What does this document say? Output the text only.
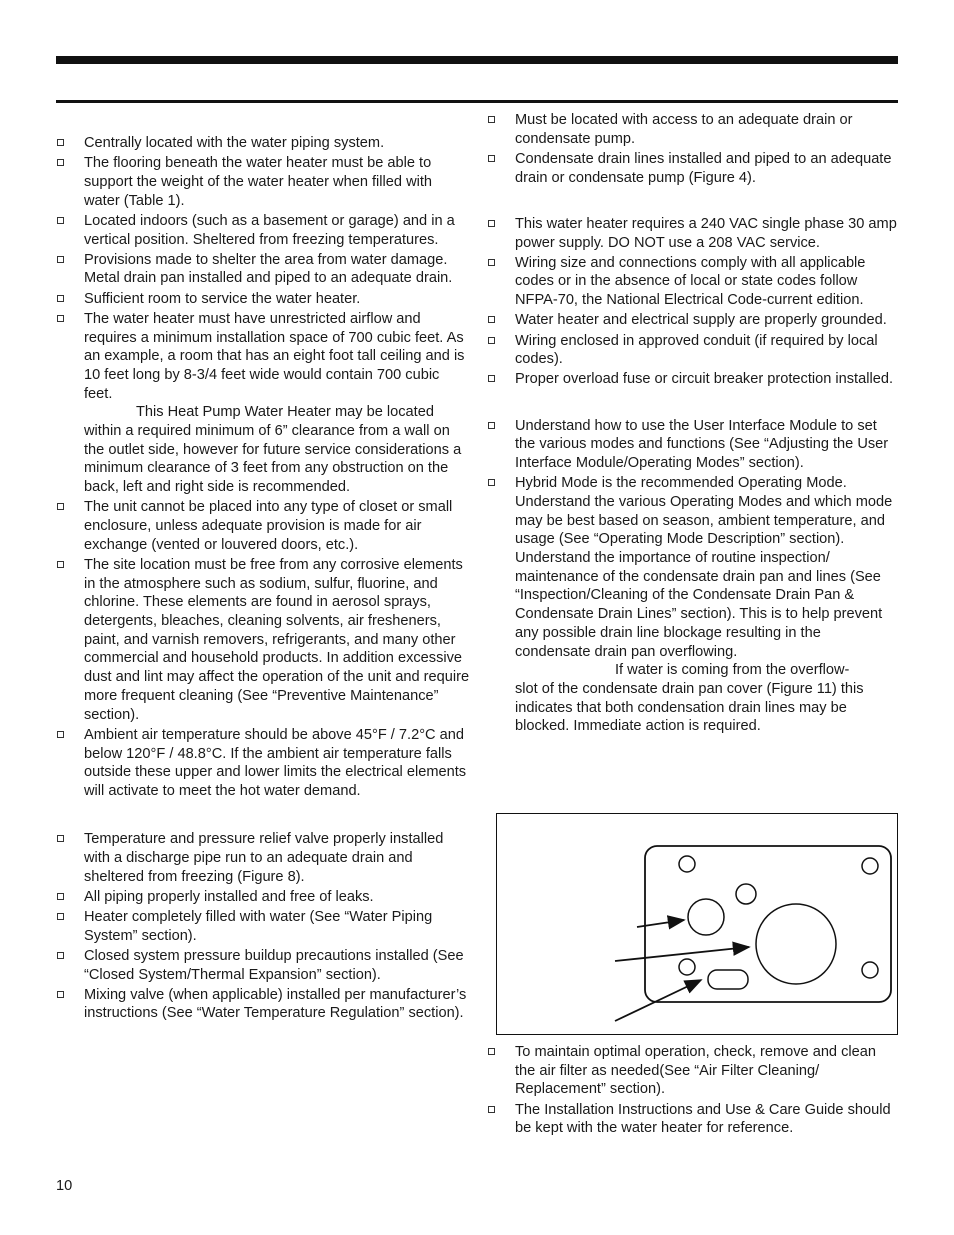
Centrally located with the water piping system.
The flooring beneath the water heater must be able to support the weight of the water heater when filled with water (Table 1).
Located indoors (such as a basement or garage) and in a vertical position. Sheltered from freezing temperatures.
Provisions made to shelter the area from water damage. Metal drain pan installed and piped to an adequate drain.
Sufficient room to service the water heater.
The water heater must have unrestricted airflow and requires a minimum installation space of 700 cubic feet. As an example, a room that has an eight foot tall ceiling and is 10 feet long by 8-3/4 feet wide would contain 700 cubic feet.
This Heat Pump Water Heater may be located
within a required minimum of 6” clearance from a wall on the outlet side, however for future service considerations a minimum clearance of 3 feet from any obstruction on the back, left and right side is recommended.
The unit cannot be placed into any type of closet or small enclosure, unless adequate provision is made for air exchange (vented or louvered doors, etc.).
The site location must be free from any corrosive elements in the atmosphere such as sodium, sulfur, fluorine, and chlorine. These elements are found in aerosol sprays, detergents, bleaches, cleaning solvents, air fresheners, paint, and varnish removers, refrigerants, and many other commercial and household products. In addition excessive dust and lint may affect the operation of the unit and require more frequent cleaning (See “Preventive Maintenance” section).
Ambient air temperature should be above 45°F / 7.2°C and below 120°F / 48.8°C. If the ambient air temperature falls outside these upper and lower limits the electrical elements will activate to meet the hot water demand.
Temperature and pressure relief valve properly installed with a discharge pipe run to an adequate drain and sheltered from freezing (Figure 8).
All piping properly installed and free of leaks.
Heater completely filled with water (See “Water Piping System” section).
Closed system pressure buildup precautions installed (See “Closed System/Thermal Expansion” section).
Mixing valve (when applicable) installed per manufacturer’s instructions (See “Water Temperature Regulation” section).
Must be located with access to an adequate drain or condensate pump.
Condensate drain lines installed and piped to an adequate drain or condensate pump (Figure 4).
This water heater requires a 240 VAC single phase 30 amp power supply. DO NOT use a 208 VAC service.
Wiring size and connections comply with all applicable codes or in the absence of local or state codes follow NFPA-70, the National Electrical Code-current edition.
Water heater and electrical supply are properly grounded.
Wiring enclosed in approved conduit (if required by local codes).
Proper overload fuse or circuit breaker protection installed.
Understand how to use the User Interface Module to set the various modes and functions (See “Adjusting the User Interface Module/Operating Modes” section).
Hybrid Mode is the recommended Operating Mode. Understand the various Operating Modes and which mode may be best based on season, ambient temperature, and usage (See “Operating Mode Description” section).
Understand the importance of routine inspection/ maintenance of the condensate drain pan and lines (See “Inspection/Cleaning of the Condensate Drain Pan & Condensate Drain Lines” section). This is to help prevent any possible drain line blockage resulting in the condensate drain pan overflowing.
If water is coming from the overflow-
slot of the condensate drain pan cover (Figure 11) this indicates that both condensation drain lines may be blocked. Immediate action is required.
To maintain optimal operation, check, remove and clean the air filter as needed(See “Air Filter Cleaning/ Replacement” section).
The Installation Instructions and Use & Care Guide should be kept with the water heater for reference.
10
